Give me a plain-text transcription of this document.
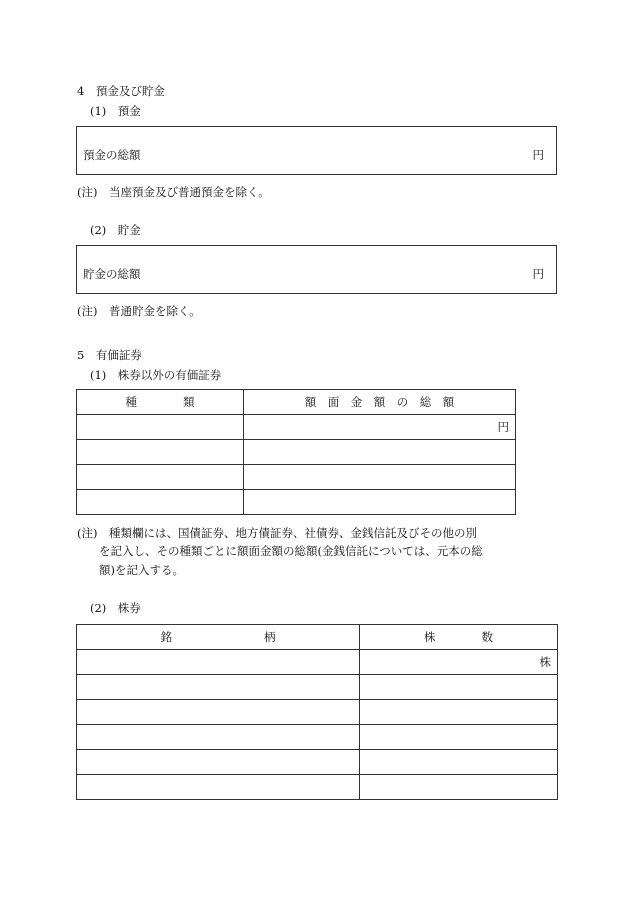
4　預金及び貯金
(1)　預金
預金の総額	円
(注)　当座預金及び普通預金を除く。
(2)　貯金
貯金の総額	円
(注)　普通貯金を除く。
5　有価証券
(1)　株券以外の有価証券
種　　　　類	額　面　金　額　の　総　額
	円

(注)　種類欄には、国債証券、地方債証券、社債券、金銭信託及びその他の別
を記入し、その種類ごとに額面金額の総額(金銭信託については、元本の総
額)を記入する。
(2)　株券
銘　　　　　　　　柄	株　　　　数
	株
